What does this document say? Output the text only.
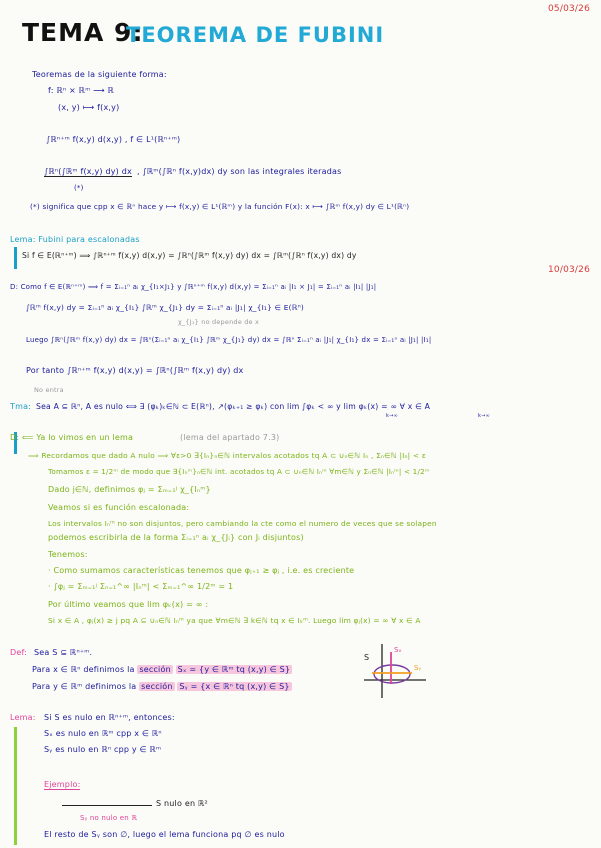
05/03/26
TEMA 9:
TEOREMA DE FUBINI
Teoremas de la siguiente forma:
f: ℝⁿ × ℝᵐ ⟶ ℝ
(x, y) ⟼ f(x,y)
∫ℝⁿ⁺ᵐ f(x,y) d(x,y) , f ∈ L¹(ℝⁿ⁺ᵐ)
∫ℝⁿ(∫ℝᵐ f(x,y) dy) dx , ∫ℝᵐ(∫ℝⁿ f(x,y)dx) dy son las integrales iteradas
(*)
(*) significa que cpp x ∈ ℝⁿ hace y ⟼ f(x,y) ∈ L¹(ℝᵐ) y la función F(x): x ⟼ ∫ℝᵐ f(x,y) dy ∈ L¹(ℝⁿ)
Lema: Fubini para escalonadas
Si f ∈ E(ℝⁿ⁺ᵐ) ⟹ ∫ℝⁿ⁺ᵐ f(x,y) d(x,y) = ∫ℝⁿ(∫ℝᵐ f(x,y) dy) dx = ∫ℝᵐ(∫ℝⁿ f(x,y) dx) dy
10/03/26
D: Como f ∈ E(ℝⁿ⁺ᵐ) ⟹ f = Σᵢ₌₁ⁿ aᵢ χ_{I₁×J₁} y ∫ℝⁿ⁺ᵐ f(x,y) d(x,y) = Σᵢ₌₁ⁿ aᵢ |I₁ × J₁| = Σᵢ₌₁ⁿ aᵢ |I₁| |J₁|
∫ℝᵐ f(x,y) dy = Σᵢ₌₁ⁿ aᵢ χ_{I₁} ∫ℝᵐ χ_{J₁} dy = Σᵢ₌₁ⁿ aᵢ |J₁| χ_{I₁} ∈ E(ℝⁿ)
χ_{J₁} no depende de x
Luego ∫ℝⁿ(∫ℝᵐ f(x,y) dy) dx = ∫ℝⁿ(Σᵢ₌₁ⁿ aᵢ χ_{I₁} ∫ℝᵐ χ_{J₁} dy) dx = ∫ℝⁿ Σᵢ₌₁ⁿ aᵢ |J₁| χ_{I₁} dx = Σᵢ₌₁ⁿ aᵢ |J₁| |I₁|
Por tanto ∫ℝⁿ⁺ᵐ f(x,y) d(x,y) = ∫ℝⁿ(∫ℝᵐ f(x,y) dy) dx
No entra
Tma: Sea A ⊆ ℝⁿ, A es nulo ⟺ ∃ (φₖ)ₖ∈ℕ ⊂ E(ℝⁿ), ↗(φₖ₊₁ ≥ φₖ) con lim ∫φₖ < ∞ y lim φₖ(x) = ∞ ∀ x ∈ A
k→∞	k→∞
D: ⟸ Ya lo vimos en un lema	(lema del apartado 7.3)
⟹ Recordamos que dado A nulo ⟹ ∀ε>0 ∃{Iₙ}ₙ∈ℕ intervalos acotados tq A ⊂ ∪ₙ∈ℕ Iₙ , Σₙ∈ℕ |Iₙ| < ε
Tomamos ε = 1/2ᵐ de modo que ∃{Iₙᵐ}ₙ∈ℕ int. acotados tq A ⊂ ∪ₙ∈ℕ Iₙᵐ ∀m∈ℕ y Σₙ∈ℕ |Iₙᵐ| < 1/2ᵐ
Dado j∈ℕ, definimos φⱼ = Σₘ₌₁ʲ χ_{Iₙᵐ}
Veamos si es función escalonada:
Los intervalos Iₙᵐ no son disjuntos, pero cambiando la cte como el numero de veces que se solapen
podemos escribirla de la forma Σᵢ₌₁ⁿ aᵢ χ_{Jᵢ} con Jᵢ disjuntos)
Tenemos:
· Como sumamos características tenemos que φⱼ₊₁ ≥ φⱼ , i.e. es creciente
· ∫φⱼ = Σₘ₌₁ʲ Σₙ₌₁^∞ |Iₙᵐ| < Σₘ₌₁^∞ 1/2ᵐ = 1
Por último veamos que lim φₖ(x) = ∞ :
Si x ∈ A , φⱼ(x) ≥ j pq A ⊆ ∪ₙ∈ℕ Iₙᵐ ya que ∀m∈ℕ ∃ k∈ℕ tq x ∈ Iₖᵐ. Luego lim φⱼ(x) = ∞ ∀ x ∈ A
Def: Sea S ⊆ ℝⁿ⁺ᵐ.
Para x ∈ ℝⁿ definimos la sección Sₓ = {y ∈ ℝᵐ tq (x,y) ∈ S}
Para y ∈ ℝᵐ definimos la sección Sᵧ = {x ∈ ℝⁿ tq (x,y) ∈ S}
S
Sₓ
Sᵧ
Lema: Si S es nulo en ℝⁿ⁺ᵐ, entonces:
Sₓ es nulo en ℝᵐ cpp x ∈ ℝⁿ
Sᵧ es nulo en ℝⁿ cpp y ∈ ℝᵐ
Ejemplo:
S nulo en ℝ²
Sᵧ no nulo en ℝ
El resto de Sᵧ son ∅, luego el lema funciona pq ∅ es nulo
